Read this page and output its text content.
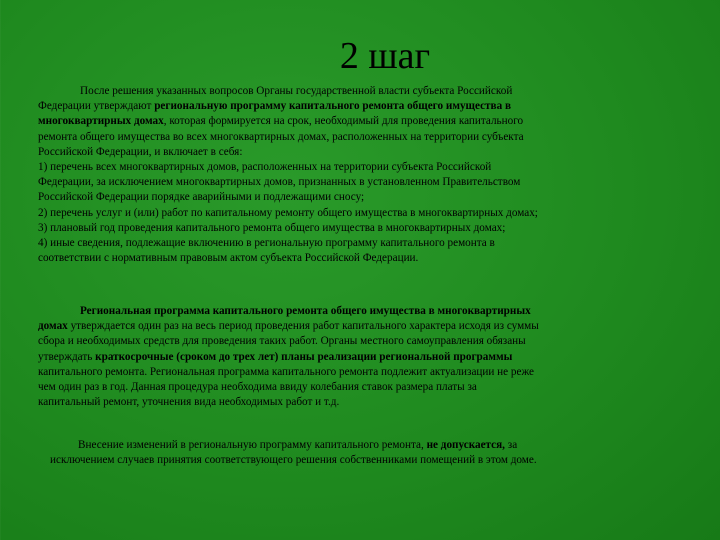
2 шаг
После решения указанных вопросов Органы государственной власти субъекта Российской
Федерации утверждают региональную программу капитального ремонта общего имущества в
многоквартирных домах, которая формируется на срок, необходимый для проведения капитального
ремонта общего имущества во всех многоквартирных домах, расположенных на территории субъекта
Российской Федерации, и включает в себя:
1) перечень всех многоквартирных домов, расположенных на территории субъекта Российской
Федерации, за исключением многоквартирных домов, признанных в установленном Правительством
Российской Федерации порядке аварийными и подлежащими сносу;
2) перечень услуг и (или) работ по капитальному ремонту общего имущества в многоквартирных домах;
3) плановый год проведения капитального ремонта общего имущества в многоквартирных домах;
4) иные сведения, подлежащие включению в региональную программу капитального ремонта в
соответствии с нормативным правовым актом субъекта Российской Федерации.
Региональная программа капитального ремонта общего имущества в многоквартирных
домах утверждается один раз на весь период проведения работ капитального характера исходя из суммы
сбора и необходимых средств для проведения таких работ. Органы местного самоуправления обязаны
утверждать краткосрочные (сроком до трех лет) планы реализации региональной программы
капитального ремонта. Региональная программа капитального ремонта подлежит актуализации не реже
чем один раз в год. Данная процедура необходима ввиду колебания ставок размера платы за
капитальный ремонт, уточнения вида необходимых работ и т.д.
Внесение изменений в региональную программу капитального ремонта, не допускается, за
исключением случаев принятия соответствующего решения собственниками помещений в этом доме.
